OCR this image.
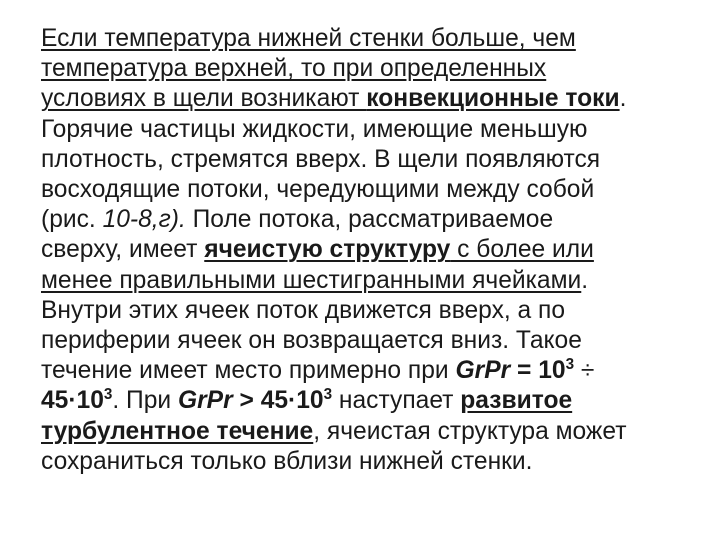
Если температура нижней стенки больше, чем
температура верхней, то при определенных
условиях в щели возникают конвекционные токи.
Горячие частицы жидкости, имеющие меньшую
плотность, стремятся вверх. В щели появляются
восходящие потоки, чередующими между собой
(рис. 10-8,г). Поле потока, рассматриваемое
сверху, имеет ячеистую структуру с более или
менее правильными шестигранными ячейками.
Внутри этих ячеек поток движется вверх, а по
периферии ячеек он возвращается вниз. Такое
течение имеет место примерно при GrPr = $10^3$ ÷
$45\cdot 10^3$. При GrPr > $45\cdot 10^3$ наступает развитое
турбулентное течение, ячеистая структура может
сохраниться только вблизи нижней стенки.
